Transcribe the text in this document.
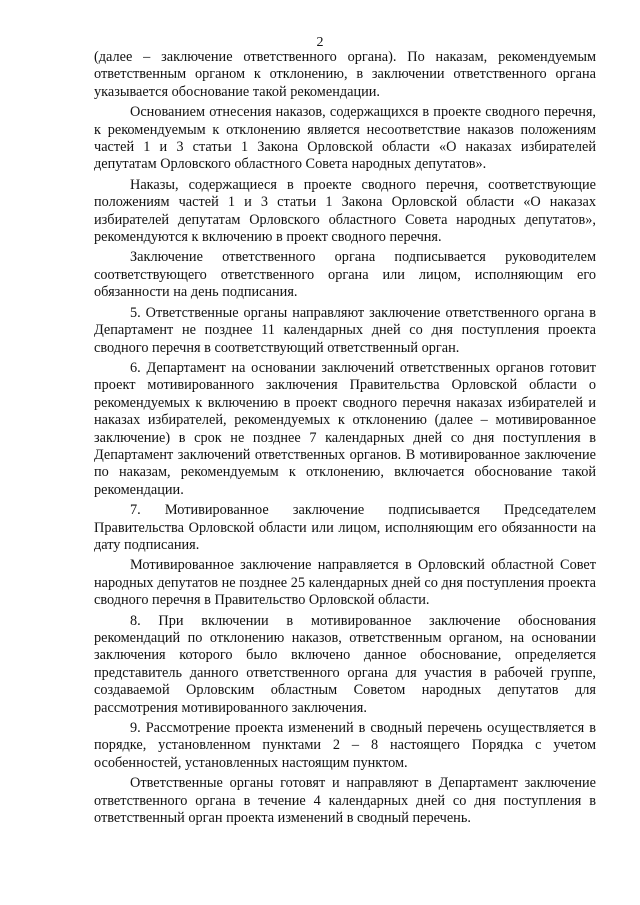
2

(далее – заключение ответственного органа). По наказам, рекомендуемым ответственным органом к отклонению, в заключении ответственного органа указывается обоснование такой рекомендации.

Основанием отнесения наказов, содержащихся в проекте сводного перечня, к рекомендуемым к отклонению является несоответствие наказов положениям частей 1 и 3 статьи 1 Закона Орловской области «О наказах избирателей депутатам Орловского областного Совета народных депутатов».

Наказы, содержащиеся в проекте сводного перечня, соответствующие положениям частей 1 и 3 статьи 1 Закона Орловской области «О наказах избирателей депутатам Орловского областного Совета народных депутатов», рекомендуются к включению в проект сводного перечня.

Заключение ответственного органа подписывается руководителем соответствующего ответственного органа или лицом, исполняющим его обязанности на день подписания.

5. Ответственные органы направляют заключение ответственного органа в Департамент не позднее 11 календарных дней со дня поступления проекта сводного перечня в соответствующий ответственный орган.

6. Департамент на основании заключений ответственных органов готовит проект мотивированного заключения Правительства Орловской области о рекомендуемых к включению в проект сводного перечня наказах избирателей и наказах избирателей, рекомендуемых к отклонению (далее – мотивированное заключение) в срок не позднее 7 календарных дней со дня поступления в Департамент заключений ответственных органов. В мотивированное заключение по наказам, рекомендуемым к отклонению, включается обоснование такой рекомендации.

7. Мотивированное заключение подписывается Председателем Правительства Орловской области или лицом, исполняющим его обязанности на дату подписания.

Мотивированное заключение направляется в Орловский областной Совет народных депутатов не позднее 25 календарных дней со дня поступления проекта сводного перечня в Правительство Орловской области.

8. При включении в мотивированное заключение обоснования рекомендаций по отклонению наказов, ответственным органом, на основании заключения которого было включено данное обоснование, определяется представитель данного ответственного органа для участия в рабочей группе, создаваемой Орловским областным Советом народных депутатов для рассмотрения мотивированного заключения.

9. Рассмотрение проекта изменений в сводный перечень осуществляется в порядке, установленном пунктами 2 – 8 настоящего Порядка с учетом особенностей, установленных настоящим пунктом.

Ответственные органы готовят и направляют в Департамент заключение ответственного органа в течение 4 календарных дней со дня поступления в ответственный орган проекта изменений в сводный перечень.
